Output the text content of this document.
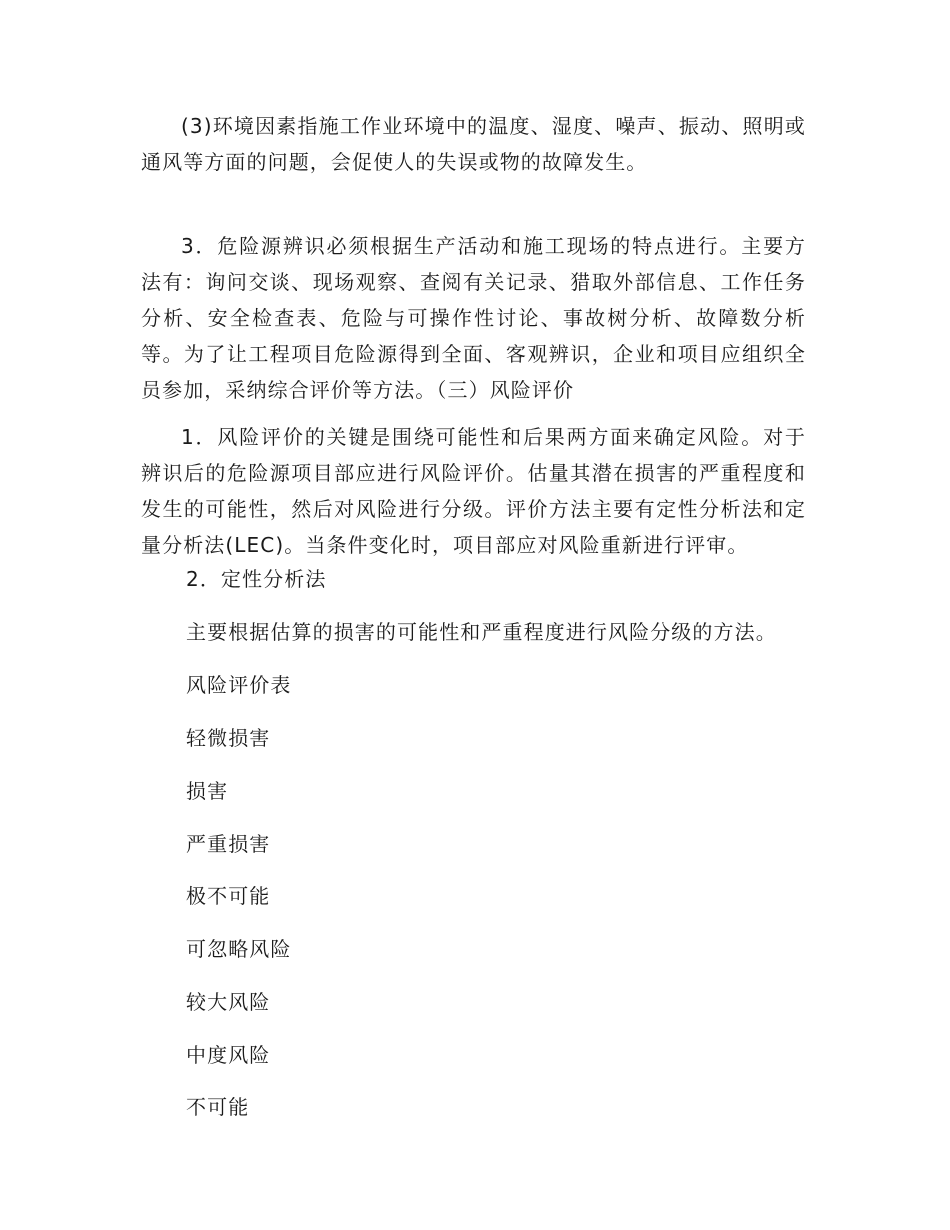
(3)环境因素指施工作业环境中的温度、湿度、噪声、振动、照明或通风等方面的问题，会促使人的失误或物的故障发生。

3．危险源辨识必须根据生产活动和施工现场的特点进行。主要方法有：询问交谈、现场观察、查阅有关记录、猎取外部信息、工作任务分析、安全检查表、危险与可操作性讨论、事故树分析、故障数分析等。为了让工程项目危险源得到全面、客观辨识，企业和项目应组织全员参加，采纳综合评价等方法。（三）风险评价

1．风险评价的关键是围绕可能性和后果两方面来确定风险。对于辨识后的危险源项目部应进行风险评价。估量其潜在损害的严重程度和发生的可能性，然后对风险进行分级。评价方法主要有定性分析法和定量分析法(LEC)。当条件变化时，项目部应对风险重新进行评审。

2．定性分析法

主要根据估算的损害的可能性和严重程度进行风险分级的方法。

风险评价表

轻微损害

损害

严重损害

极不可能

可忽略风险

较大风险

中度风险

不可能
